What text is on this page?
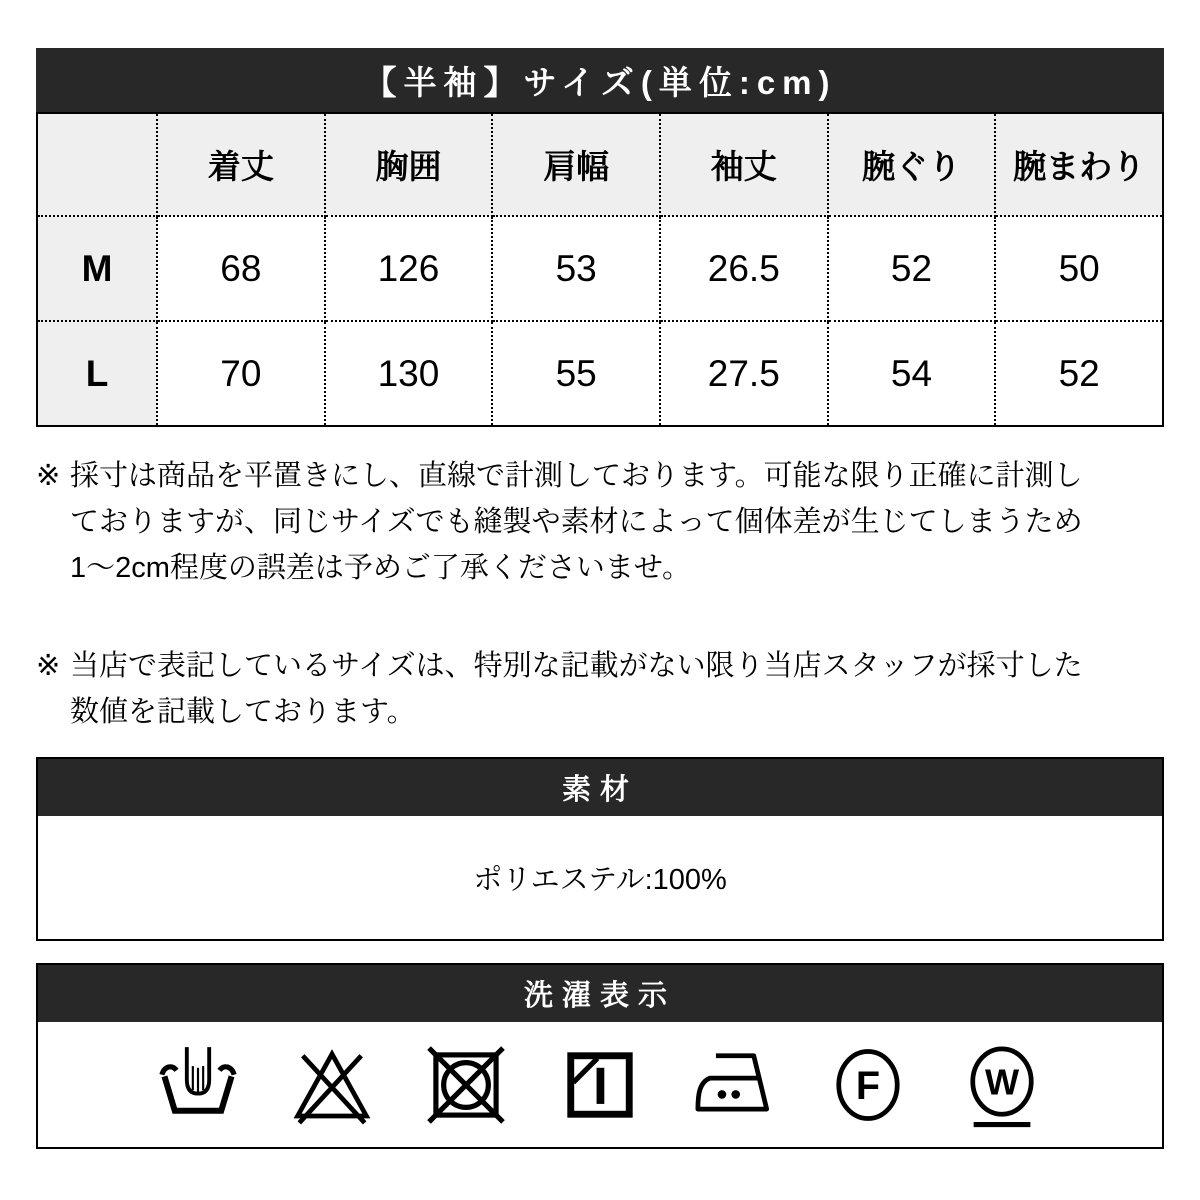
【半袖】サイズ(単位:cm)
	着丈	胸囲	肩幅	袖丈	腕ぐり	腕まわり
M	68	126	53	26.5	52	50
L	70	130	55	27.5	54	52
※ 採寸は商品を平置きにし、直線で計測しております。可能な限り正確に計測し
ておりますが、同じサイズでも縫製や素材によって個体差が生じてしまうため
1〜2cm程度の誤差は予めご了承くださいませ。
※ 当店で表記しているサイズは、特別な記載がない限り当店スタッフが採寸した
数値を記載しております。
素材
ポリエステル:100%
洗濯表示
F W
